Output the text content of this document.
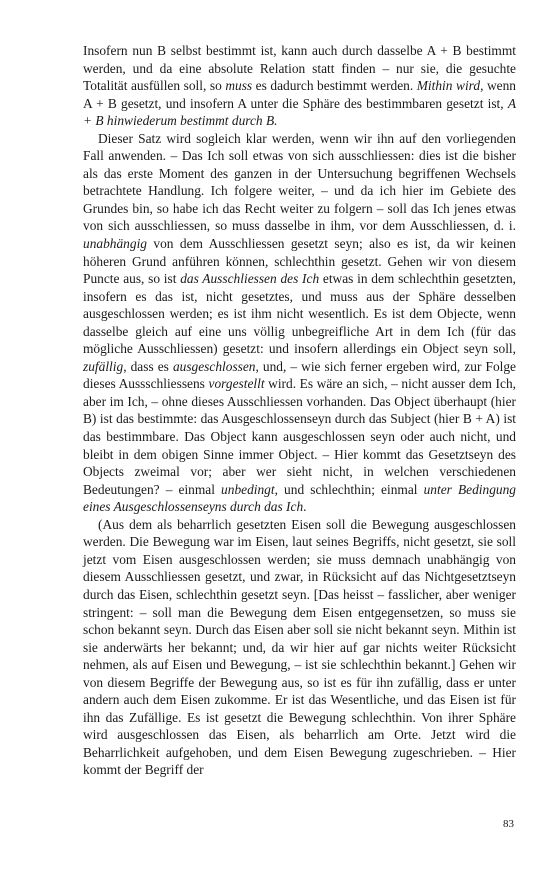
Insofern nun B selbst bestimmt ist, kann auch durch dasselbe A + B bestimmt werden, und da eine absolute Relation statt finden – nur sie, die gesuchte Totalität ausfüllen soll, so muss es dadurch bestimmt werden. Mithin wird, wenn A + B gesetzt, und insofern A unter die Sphäre des bestimmbaren gesetzt ist, A + B hinwiederum bestimmt durch B.

Dieser Satz wird sogleich klar werden, wenn wir ihn auf den vorliegenden Fall anwenden. – Das Ich soll etwas von sich ausschliessen: dies ist die bisher als das erste Moment des ganzen in der Untersuchung begriffenen Wechsels betrachtete Handlung. Ich folgere weiter, – und da ich hier im Gebiete des Grundes bin, so habe ich das Recht weiter zu folgern – soll das Ich jenes etwas von sich ausschliessen, so muss dasselbe in ihm, vor dem Ausschliessen, d. i. unabhängig von dem Ausschliessen gesetzt seyn; also es ist, da wir keinen höheren Grund anführen können, schlechthin gesetzt. Gehen wir von diesem Puncte aus, so ist das Ausschliessen des Ich etwas in dem schlechthin gesetzten, insofern es das ist, nicht gesetztes, und muss aus der Sphäre desselben ausgeschlossen werden; es ist ihm nicht wesentlich. Es ist dem Objecte, wenn dasselbe gleich auf eine uns völlig unbegreifliche Art in dem Ich (für das mögliche Ausschliessen) gesetzt: und insofern allerdings ein Object seyn soll, zufällig, dass es ausgeschlossen, und, – wie sich ferner ergeben wird, zur Folge dieses Aussschliessens vorgestellt wird. Es wäre an sich, – nicht ausser dem Ich, aber im Ich, – ohne dieses Ausschliessen vorhanden. Das Object überhaupt (hier B) ist das bestimmte: das Ausgeschlossenseyn durch das Subject (hier B + A) ist das bestimmbare. Das Object kann ausgeschlossen seyn oder auch nicht, und bleibt in dem obigen Sinne immer Object. – Hier kommt das Gesetztseyn des Objects zweimal vor; aber wer sieht nicht, in welchen verschiedenen Bedeutungen? – einmal unbedingt, und schlechthin; einmal unter Bedingung eines Ausgeschlossenseyns durch das Ich.

(Aus dem als beharrlich gesetzten Eisen soll die Bewegung ausgeschlossen werden. Die Bewegung war im Eisen, laut seines Begriffs, nicht gesetzt, sie soll jetzt vom Eisen ausgeschlossen werden; sie muss demnach unabhängig von diesem Ausschliessen gesetzt, und zwar, in Rücksicht auf das Nichtgesetztseyn durch das Eisen, schlechthin gesetzt seyn. [Das heisst – fasslicher, aber weniger stringent: – soll man die Bewegung dem Eisen entgegensetzen, so muss sie schon bekannt seyn. Durch das Eisen aber soll sie nicht bekannt seyn. Mithin ist sie anderwärts her bekannt; und, da wir hier auf gar nichts weiter Rücksicht nehmen, als auf Eisen und Bewegung, – ist sie schlechthin bekannt.] Gehen wir von diesem Begriffe der Bewegung aus, so ist es für ihn zufällig, dass er unter andern auch dem Eisen zukomme. Er ist das Wesentliche, und das Eisen ist für ihn das Zufällige. Es ist gesetzt die Bewegung schlechthin. Von ihrer Sphäre wird ausgeschlossen das Eisen, als beharrlich am Orte. Jetzt wird die Beharrlichkeit aufgehoben, und dem Eisen Bewegung zugeschrieben. – Hier kommt der Begriff der

83
